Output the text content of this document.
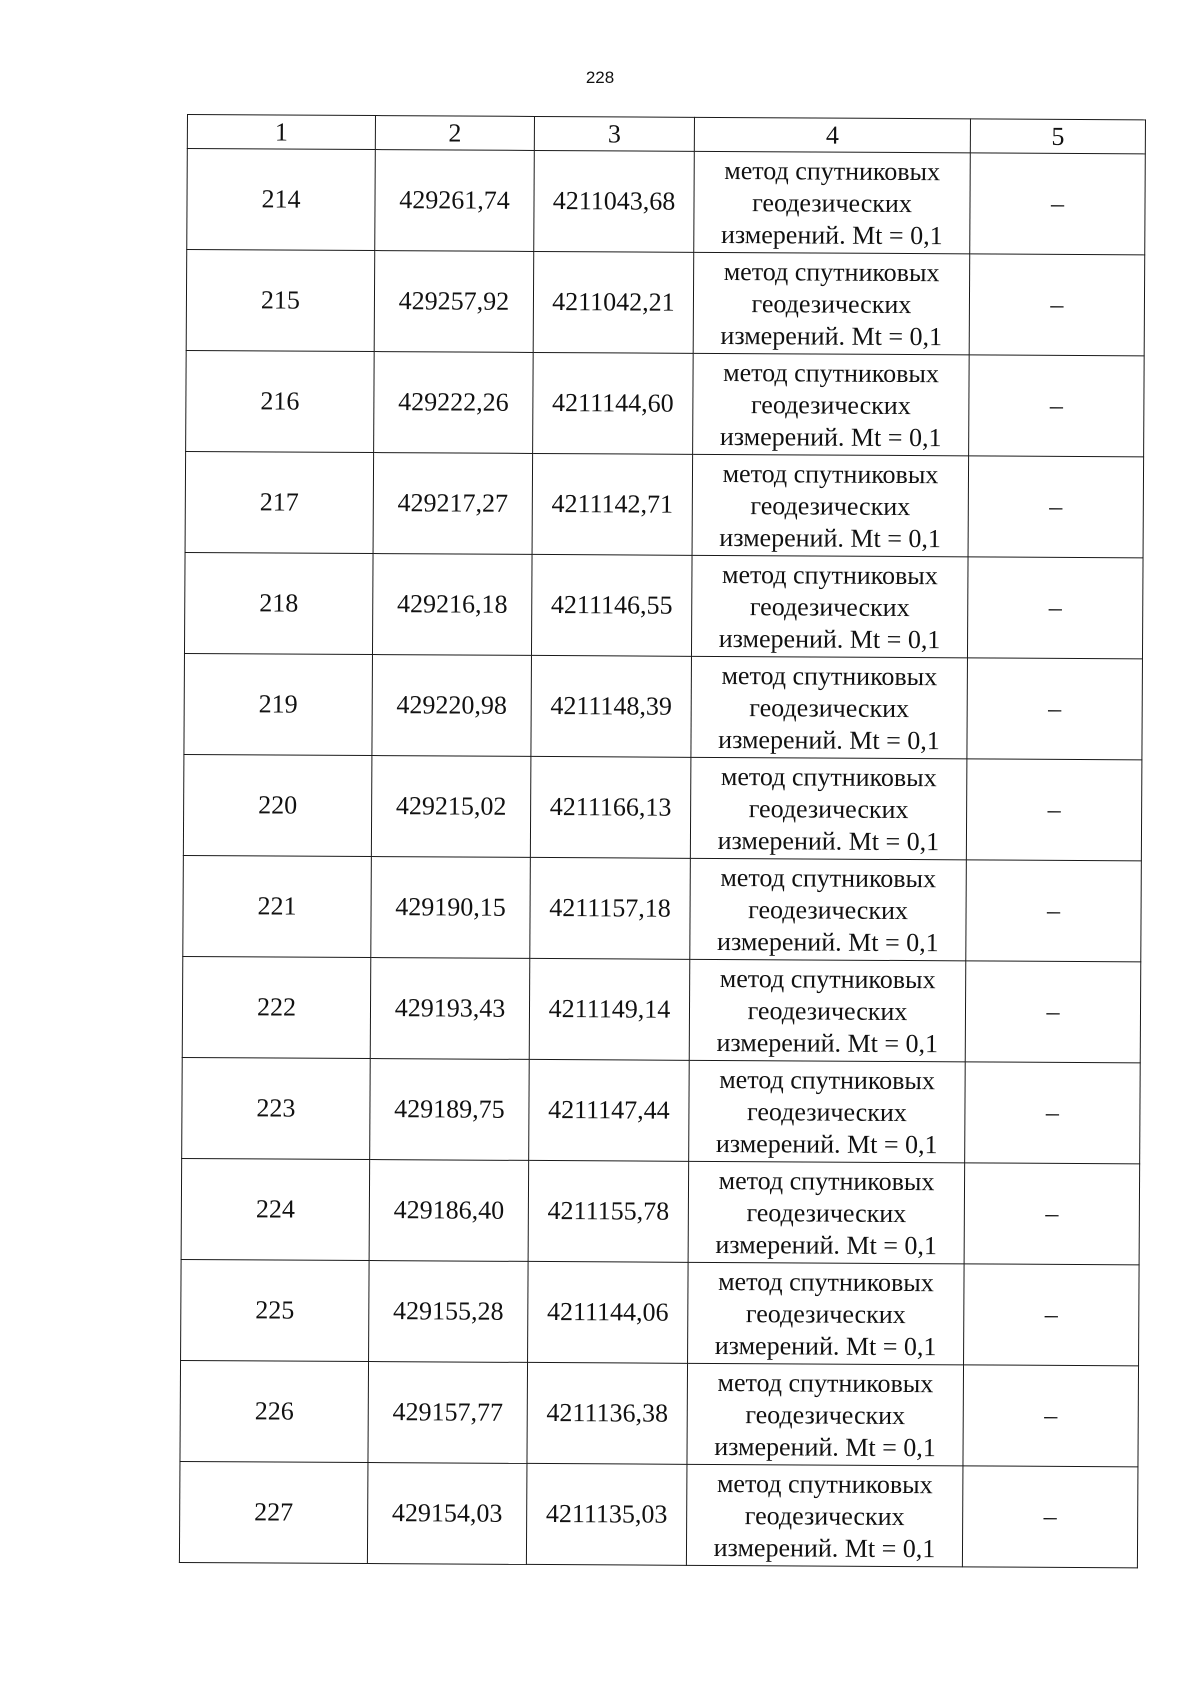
228
1	2	3	4	5
214	429261,74	4211043,68	метод спутниковых
геодезических
измерений. Mt = 0,1	–
215	429257,92	4211042,21	метод спутниковых
геодезических
измерений. Mt = 0,1	–
216	429222,26	4211144,60	метод спутниковых
геодезических
измерений. Mt = 0,1	–
217	429217,27	4211142,71	метод спутниковых
геодезических
измерений. Mt = 0,1	–
218	429216,18	4211146,55	метод спутниковых
геодезических
измерений. Mt = 0,1	–
219	429220,98	4211148,39	метод спутниковых
геодезических
измерений. Mt = 0,1	–
220	429215,02	4211166,13	метод спутниковых
геодезических
измерений. Mt = 0,1	–
221	429190,15	4211157,18	метод спутниковых
геодезических
измерений. Mt = 0,1	–
222	429193,43	4211149,14	метод спутниковых
геодезических
измерений. Mt = 0,1	–
223	429189,75	4211147,44	метод спутниковых
геодезических
измерений. Mt = 0,1	–
224	429186,40	4211155,78	метод спутниковых
геодезических
измерений. Mt = 0,1	–
225	429155,28	4211144,06	метод спутниковых
геодезических
измерений. Mt = 0,1	–
226	429157,77	4211136,38	метод спутниковых
геодезических
измерений. Mt = 0,1	–
227	429154,03	4211135,03	метод спутниковых
геодезических
измерений. Mt = 0,1	–
